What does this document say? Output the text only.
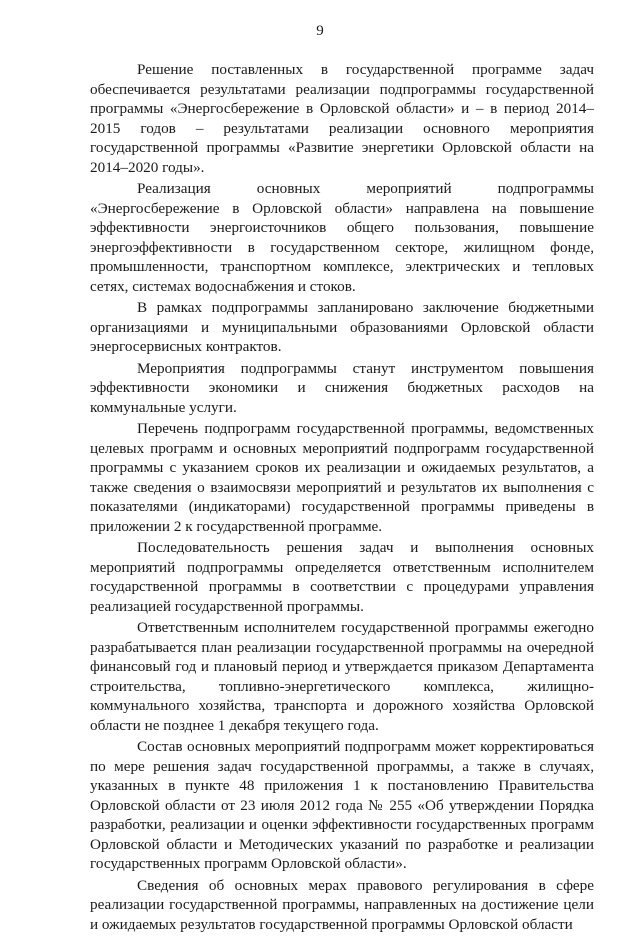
9

Решение поставленных в государственной программе задач обеспечивается результатами реализации подпрограммы государственной программы «Энергосбережение в Орловской области» и – в период 2014–2015 годов – результатами реализации основного мероприятия государственной программы «Развитие энергетики Орловской области на 2014–2020 годы».

Реализация основных мероприятий подпрограммы «Энергосбережение в Орловской области» направлена на повышение эффективности энергоисточников общего пользования, повышение энергоэффективности в государственном секторе, жилищном фонде, промышленности, транспортном комплексе, электрических и тепловых сетях, системах водоснабжения и стоков.

В рамках подпрограммы запланировано заключение бюджетными организациями и муниципальными образованиями Орловской области энергосервисных контрактов.

Мероприятия подпрограммы станут инструментом повышения эффективности экономики и снижения бюджетных расходов на коммунальные услуги.

Перечень подпрограмм государственной программы, ведомственных целевых программ и основных мероприятий подпрограмм государственной программы с указанием сроков их реализации и ожидаемых результатов, а также сведения о взаимосвязи мероприятий и результатов их выполнения с показателями (индикаторами) государственной программы приведены в приложении 2 к государственной программе.

Последовательность решения задач и выполнения основных мероприятий подпрограммы определяется ответственным исполнителем государственной программы в соответствии с процедурами управления реализацией государственной программы.

Ответственным исполнителем государственной программы ежегодно разрабатывается план реализации государственной программы на очередной финансовый год и плановый период и утверждается приказом Департамента строительства, топливно-энергетического комплекса, жилищно-коммунального хозяйства, транспорта и дорожного хозяйства Орловской области не позднее 1 декабря текущего года.

Состав основных мероприятий подпрограмм может корректироваться по мере решения задач государственной программы, а также в случаях, указанных в пункте 48 приложения 1 к постановлению Правительства Орловской области от 23 июля 2012 года № 255 «Об утверждении Порядка разработки, реализации и оценки эффективности государственных программ Орловской области и Методических указаний по разработке и реализации государственных программ Орловской области».

Сведения об основных мерах правового регулирования в сфере реализации государственной программы, направленных на достижение цели и ожидаемых результатов государственной программы Орловской области
